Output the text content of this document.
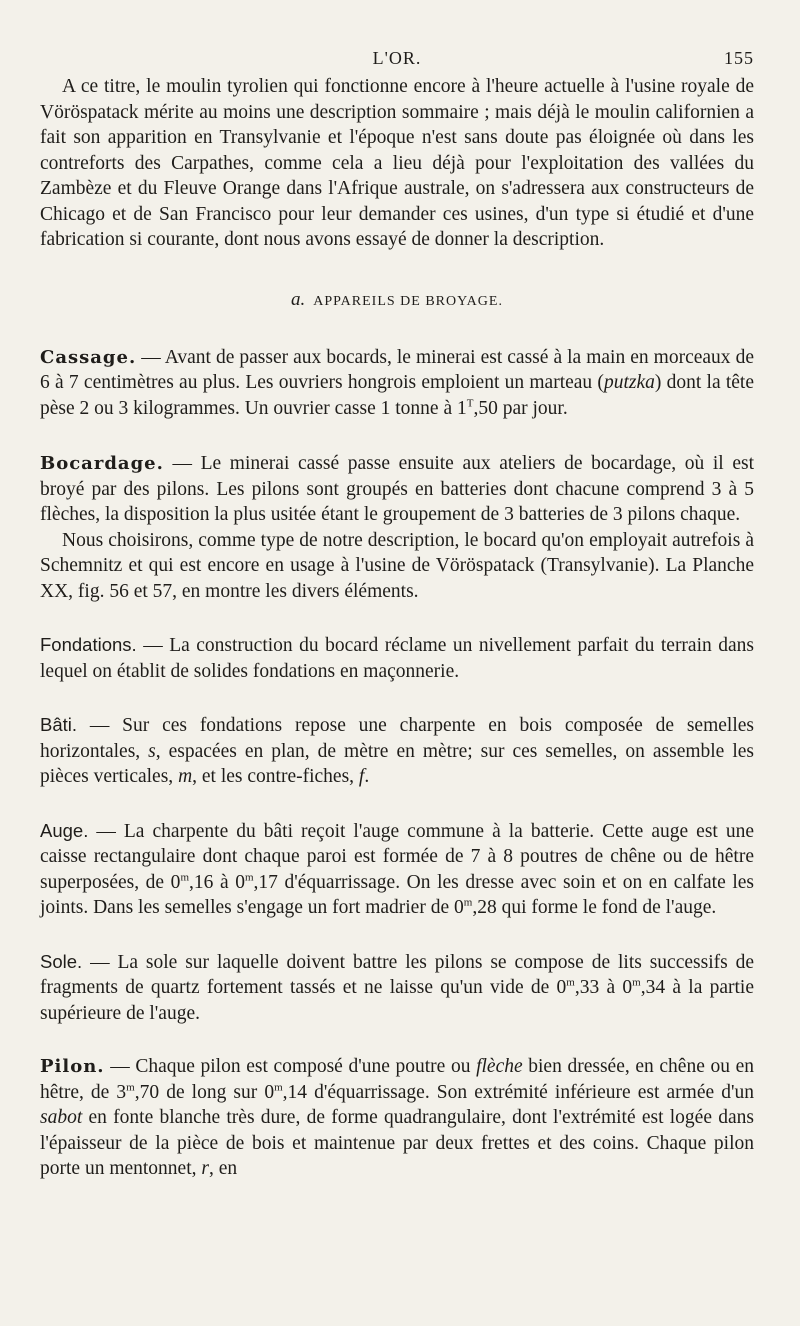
L'OR.	155

A ce titre, le moulin tyrolien qui fonctionne encore à l'heure actuelle à l'usine royale de Vöröspatack mérite au moins une description sommaire ; mais déjà le moulin californien a fait son apparition en Transylvanie et l'époque n'est sans doute pas éloignée où dans les contreforts des Carpathes, comme cela a lieu déjà pour l'exploitation des vallées du Zambèze et du Fleuve Orange dans l'Afrique australe, on s'adressera aux constructeurs de Chicago et de San Francisco pour leur demander ces usines, d'un type si étudié et d'une fabrication si courante, dont nous avons essayé de donner la description.

a. APPAREILS DE BROYAGE.

Cassage. — Avant de passer aux bocards, le minerai est cassé à la main en morceaux de 6 à 7 centimètres au plus. Les ouvriers hongrois emploient un marteau (putzka) dont la tête pèse 2 ou 3 kilogrammes. Un ouvrier casse 1 tonne à $1^T,50$ par jour.

Bocardage. — Le minerai cassé passe ensuite aux ateliers de bocardage, où il est broyé par des pilons. Les pilons sont groupés en batteries dont chacune comprend 3 à 5 flèches, la disposition la plus usitée étant le groupement de 3 batteries de 3 pilons chaque.

Nous choisirons, comme type de notre description, le bocard qu'on employait autrefois à Schemnitz et qui est encore en usage à l'usine de Vöröspatack (Transylvanie). La Planche XX, fig. 56 et 57, en montre les divers éléments.

Fondations. — La construction du bocard réclame un nivellement parfait du terrain dans lequel on établit de solides fondations en maçonnerie.

Bâti. — Sur ces fondations repose une charpente en bois composée de semelles horizontales, s, espacées en plan, de mètre en mètre; sur ces semelles, on assemble les pièces verticales, m, et les contre-fiches, f.

Auge. — La charpente du bâti reçoit l'auge commune à la batterie. Cette auge est une caisse rectangulaire dont chaque paroi est formée de 7 à 8 poutres de chêne ou de hêtre superposées, de 0$^m$,16 à 0$^m$,17 d'équarrissage. On les dresse avec soin et on en calfate les joints. Dans les semelles s'engage un fort madrier de 0$^m$,28 qui forme le fond de l'auge.

Sole. — La sole sur laquelle doivent battre les pilons se compose de lits successifs de fragments de quartz fortement tassés et ne laisse qu'un vide de 0$^m$,33 à 0$^m$,34 à la partie supérieure de l'auge.

Pilon. — Chaque pilon est composé d'une poutre ou flèche bien dressée, en chêne ou en hêtre, de 3$^m$,70 de long sur 0$^m$,14 d'équarrissage. Son extrémité inférieure est armée d'un sabot en fonte blanche très dure, de forme quadrangulaire, dont l'extrémité est logée dans l'épaisseur de la pièce de bois et maintenue par deux frettes et des coins. Chaque pilon porte un mentonnet, r, en
